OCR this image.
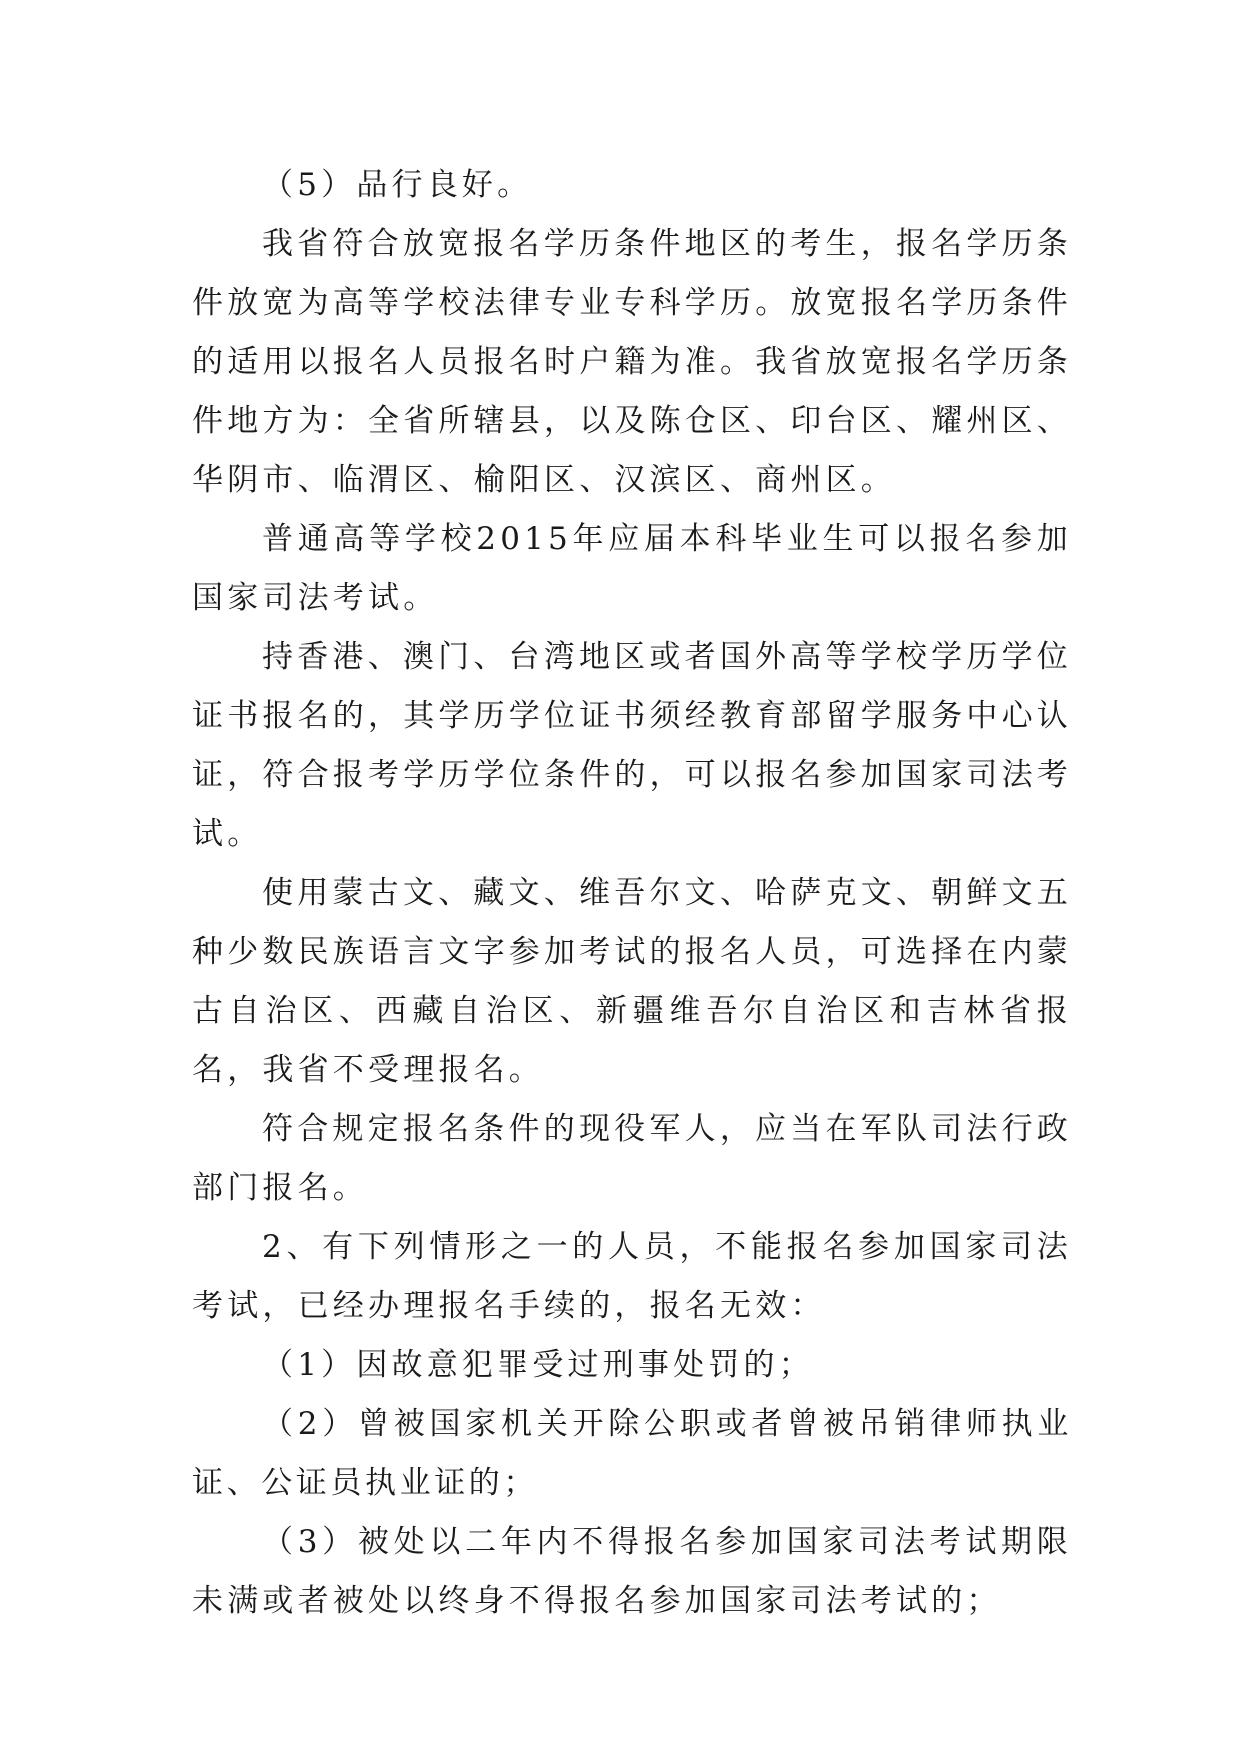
（5）品行良好。

我省符合放宽报名学历条件地区的考生，报名学历条件放宽为高等学校法律专业专科学历。放宽报名学历条件的适用以报名人员报名时户籍为准。我省放宽报名学历条件地方为：全省所辖县，以及陈仓区、印台区、耀州区、华阴市、临渭区、榆阳区、汉滨区、商州区。

普通高等学校2015年应届本科毕业生可以报名参加国家司法考试。

持香港、澳门、台湾地区或者国外高等学校学历学位证书报名的，其学历学位证书须经教育部留学服务中心认证，符合报考学历学位条件的，可以报名参加国家司法考试。

使用蒙古文、藏文、维吾尔文、哈萨克文、朝鲜文五种少数民族语言文字参加考试的报名人员，可选择在内蒙古自治区、西藏自治区、新疆维吾尔自治区和吉林省报名，我省不受理报名。

符合规定报名条件的现役军人，应当在军队司法行政部门报名。

2、有下列情形之一的人员，不能报名参加国家司法考试，已经办理报名手续的，报名无效：

（1）因故意犯罪受过刑事处罚的；

（2）曾被国家机关开除公职或者曾被吊销律师执业证、公证员执业证的；

（3）被处以二年内不得报名参加国家司法考试期限未满或者被处以终身不得报名参加国家司法考试的；
